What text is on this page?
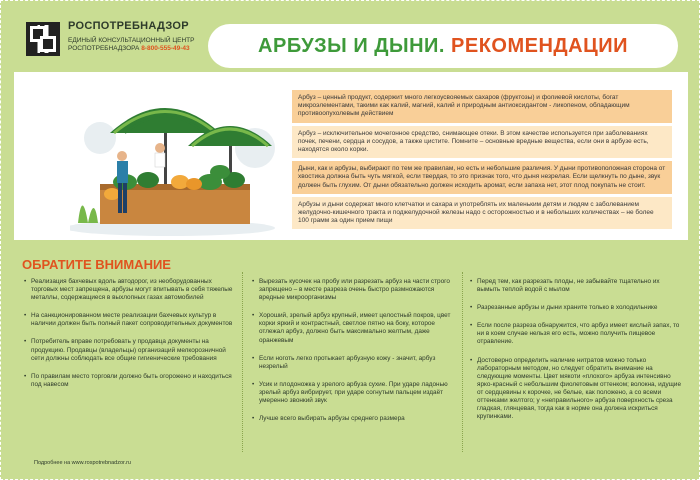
РОСПОТРЕБНАДЗОР
ЕДИНЫЙ КОНСУЛЬТАЦИОННЫЙ ЦЕНТР
РОСПОТРЕБНАДЗОРА 8-800-555-49-43	АРБУЗЫ И ДЫНИ. РЕКОМЕНДАЦИИ
Арбуз – ценный продукт, содержит много легкоусвояемых сахаров (фруктозы) и фолиевой кислоты, богат микроэлементами, такими как калий, магний, калий и природным антиоксидантом - ликопеном, обладающим противоопухолевым действием
Арбуз – исключительное мочегонное средство, снимающее отеки. В этом качестве используется при заболеваниях почек, печени, сердца и сосудов, а также цистите. Помните – основные вредные вещества, если они в арбузе есть, находятся около корки.
Дыни, как и арбузы, выбирают по тем же правилам, но есть и небольшие различия. У дыни противоположная сторона от хвостика должна быть чуть мягкой, если твердая, то это признак того, что дыня незрелая. Если щелкнуть по дыне, звук должен быть глухим. От дыни обязательно должен исходить аромат, если запаха нет, этот плод покупать не стоит.
Арбузы и дыни содержат много клетчатки и сахара и употреблять их маленьким детям и людям с заболеванием желудочно-кишечного тракта и поджелудочной железы надо с осторожностью и в небольших количествах – не более 100 грамм за один прием пищи
ОБРАТИТЕ ВНИМАНИЕ
• Реализация бахчевых вдоль автодорог, из необорудованных торговых мест запрещена, арбузы могут впитывать в себя тяжелые металлы, содержащиеся в выхлопных газах автомобилей
• На санкционированном месте реализации бахчевых культур в наличии должен быть полный пакет сопроводительных документов
• Потребитель вправе потребовать у продавца документы на продукцию. Продавцы (владельцы) организаций мелкорозничной сети должны соблюдать все общие гигиенические требования
• По правилам место торговли должно быть огорожено и находиться под навесом
• Вырезать кусочек на пробу или разрезать арбуз на части строго запрещено – в месте разреза очень быстро размножаются вредные микроорганизмы
• Хороший, зрелый арбуз крупный, имеет целостный покров, цвет корки яркий и контрастный, светлое пятно на боку, которое отлежал арбуз, должно быть максимально желтым, даже оранжевым
• Если ноготь легко протыкает арбузную кожу - значит, арбуз незрелый
• Усик и плодоножка у зрелого арбуза сухие. При ударе ладонью зрелый арбуз вибрирует, при ударе согнутым пальцем издаёт умеренно звонкий звук
• Лучше всего выбирать арбузы среднего размера
• Перед тем, как разрезать плоды, не забывайте тщательно их вымыть теплой водой с мылом
• Разрезанные арбузы и дыни храните только в холодильнике
• Если после разреза обнаружится, что арбуз имеет кислый запах, то ни в коем случае нельзя его есть, можно получить пищевое отравление.
• Достоверно определить наличие нитратов можно только лабораторным методом, но следует обратить внимание на следующие моменты. Цвет мякоти «плохого» арбуза интенсивно ярко-красный с небольшим фиолетовым оттенком; волокна, идущие от сердцевины к корочке, не белые, как положено, а со всеми оттенками желтого; у «неправильного» арбуза поверхность среза гладкая, глянцевая, тогда как в норме она должна искриться крупинками.
Подробнее на www.rospotrebnadzor.ru
